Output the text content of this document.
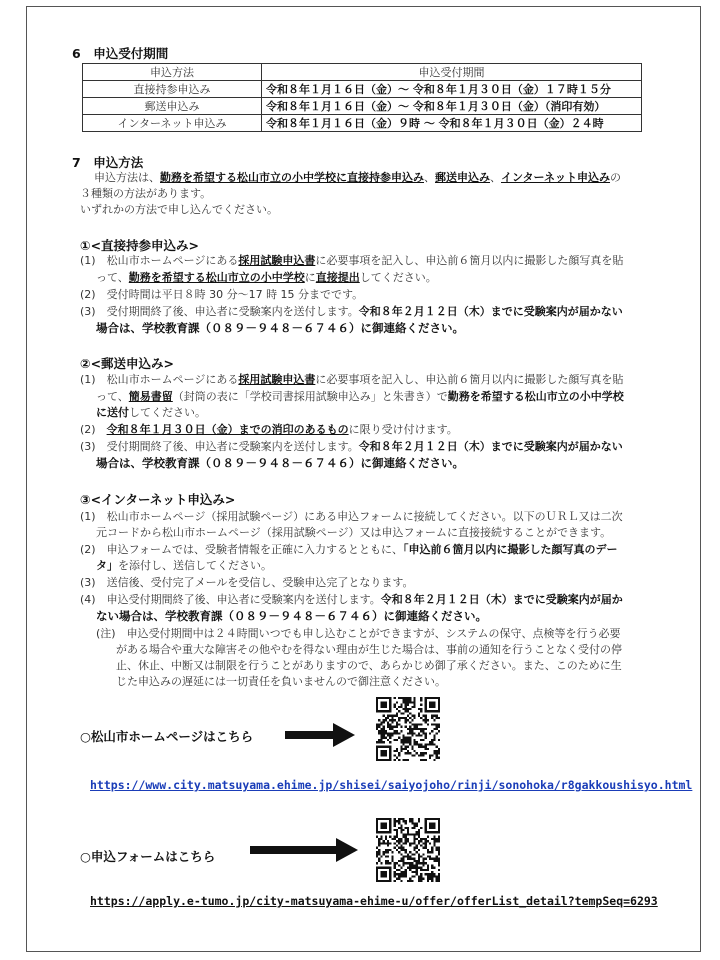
6　申込受付期間
申込方法	申込受付期間
直接持参申込み	令和８年１月１６日（金）～ 令和８年１月３０日（金）１７時１５分
郵送申込み	令和８年１月１６日（金）～ 令和８年１月３０日（金）（消印有効）
インターネット申込み	令和８年１月１６日（金）９時 ～ 令和８年１月３０日（金）２４時
7　申込方法
申込方法は、勤務を希望する松山市立の小中学校に直接持参申込み、郵送申込み、インターネット申込みの
３種類の方法があります。
いずれかの方法で申し込んでください。
①<直接持参申込み>
(1)　松山市ホームページにある採用試験申込書に必要事項を記入し、申込前６箇月以内に撮影した顔写真を貼
って、勤務を希望する松山市立の小中学校に直接提出してください。
(2)　受付時間は平日８時 30 分～17 時 15 分までです。
(3)　受付期間終了後、申込者に受験案内を送付します。令和８年２月１２日（木）までに受験案内が届かない
場合は、学校教育課（０８９－９４８－６７４６）に御連絡ください。
②<郵送申込み>
(1)　松山市ホームページにある採用試験申込書に必要事項を記入し、申込前６箇月以内に撮影した顔写真を貼
って、簡易書留（封筒の表に「学校司書採用試験申込み」と朱書き）で勤務を希望する松山市立の小中学校
に送付してください。
(2)　令和８年１月３０日（金）までの消印のあるものに限り受け付けます。
(3)　受付期間終了後、申込者に受験案内を送付します。令和８年２月１２日（木）までに受験案内が届かない
場合は、学校教育課（０８９－９４８－６７４６）に御連絡ください。
③<インターネット申込み>
(1)　松山市ホームページ（採用試験ページ）にある申込フォームに接続してください。以下のＵＲＬ又は二次
元コードから松山市ホームページ（採用試験ページ）又は申込フォームに直接接続することができます。
(2)　申込フォームでは、受験者情報を正確に入力するとともに、「申込前６箇月以内に撮影した顔写真のデー
タ」を添付し、送信してください。
(3)　送信後、受付完了メールを受信し、受験申込完了となります。
(4)　申込受付期間終了後、申込者に受験案内を送付します。令和８年２月１２日（木）までに受験案内が届か
ない場合は、学校教育課（０８９－９４８－６７４６）に御連絡ください。
(注)　申込受付期間中は２４時間いつでも申し込むことができますが、システムの保守、点検等を行う必要
がある場合や重大な障害その他やむを得ない理由が生じた場合は、事前の通知を行うことなく受付の停
止、休止、中断又は制限を行うことがありますので、あらかじめ御了承ください。また、このために生
じた申込みの遅延には一切責任を負いませんので御注意ください。
○松山市ホームページはこちら
https://www.city.matsuyama.ehime.jp/shisei/saiyojoho/rinji/sonohoka/r8gakkoushisyo.html
○申込フォームはこちら
https://apply.e-tumo.jp/city-matsuyama-ehime-u/offer/offerList_detail?tempSeq=6293
